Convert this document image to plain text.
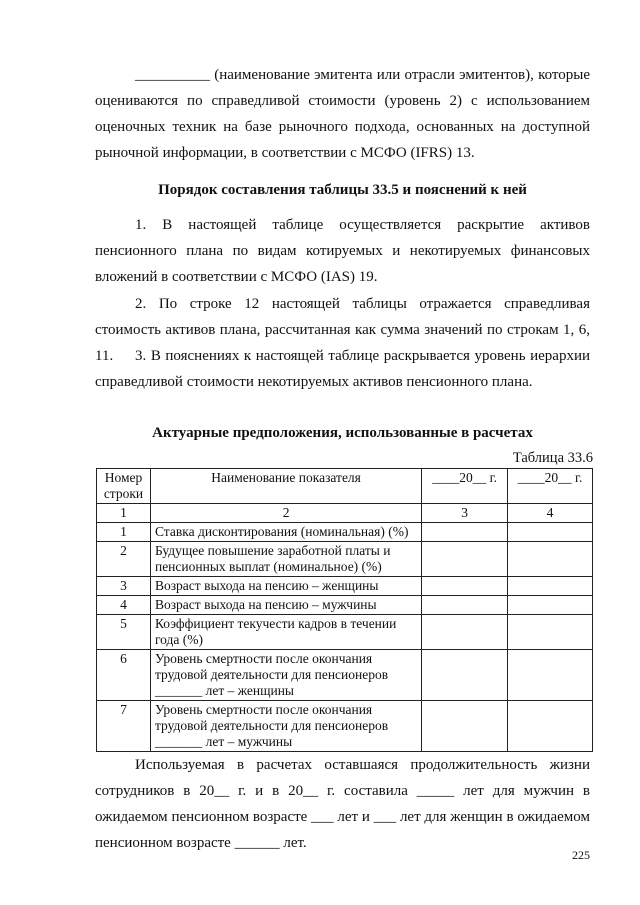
__________ (наименование эмитента или отрасли эмитентов), которые оцениваются по справедливой стоимости (уровень 2) с использованием оценочных техник на базе рыночного подхода, основанных на доступной рыночной информации, в соответствии с МСФО (IFRS) 13.

Порядок составления таблицы 33.5 и пояснений к ней

1. В настоящей таблице осуществляется раскрытие активов пенсионного плана по видам котируемых и некотируемых финансовых вложений в соответствии с МСФО (IAS) 19.

2. По строке 12 настоящей таблицы отражается справедливая стоимость активов плана, рассчитанная как сумма значений по строкам 1, 6, 11.	3. В пояснениях к настоящей таблице раскрывается уровень иерархии справедливой стоимости некотируемых активов пенсионного плана.

Актуарные предположения, использованные в расчетах

Таблица 33.6
Номер строки	Наименование показателя	____20__ г.	____20__ г.
1	2	3	4
1	Ставка дисконтирования (номинальная) (%)		
2	Будущее повышение заработной платы и пенсионных выплат (номинальное) (%)		
3	Возраст выхода на пенсию – женщины		
4	Возраст выхода на пенсию – мужчины		
5	Коэффициент текучести кадров в течении года (%)		
6	Уровень смертности после окончания трудовой деятельности для пенсионеров _______ лет – женщины		
7	Уровень смертности после окончания трудовой деятельности для пенсионеров _______ лет – мужчины		

Используемая в расчетах оставшаяся продолжительность жизни сотрудников в 20__ г. и в 20__ г. составила _____ лет для мужчин в ожидаемом пенсионном возрасте ___ лет и ___ лет для женщин в ожидаемом пенсионном возрасте ______ лет.

225
